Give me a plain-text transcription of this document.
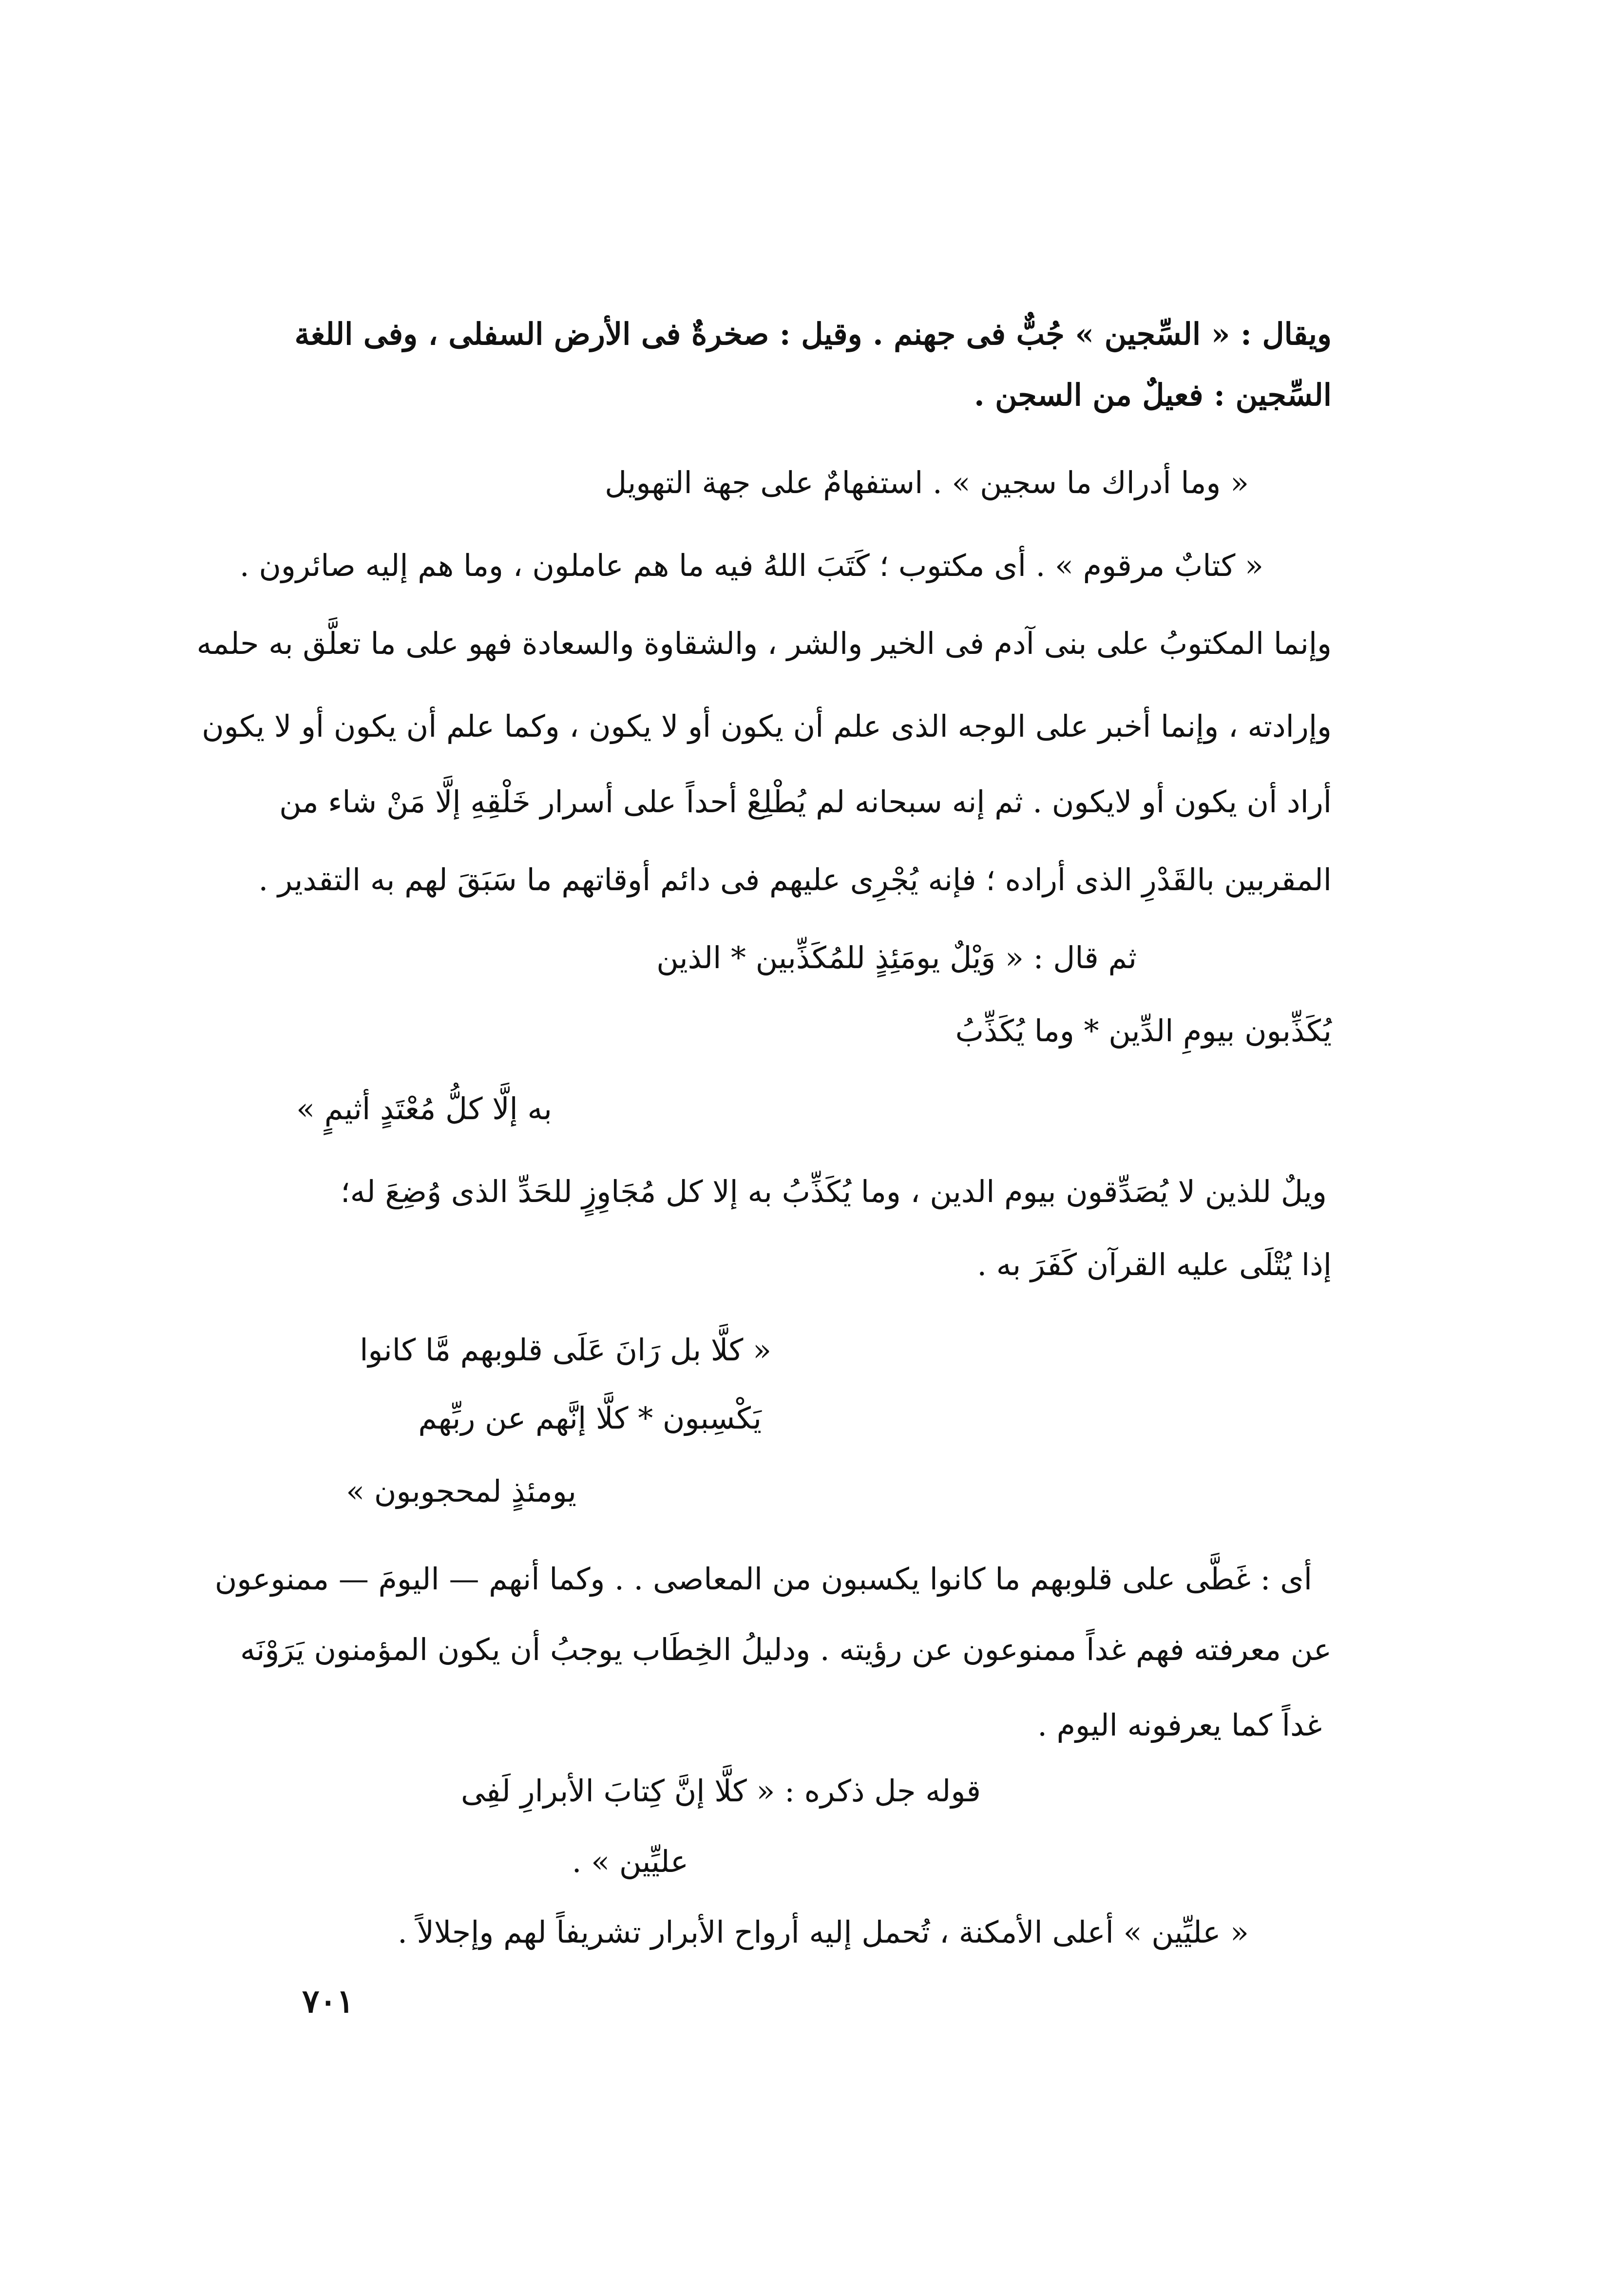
ويقال : « السِّجين » جُبٌّ فى جهنم . وقيل : صخرةٌ فى الأرض السفلى ، وفى اللغة
السِّجين : فعيلٌ من السجن .
« وما أدراك ما سجين » . استفهامٌ على جهة التهويل
« كتابٌ مرقوم » . أى مكتوب ؛ كَتَبَ اللهُ فيه ما هم عاملون ، وما هم إليه صائرون .
وإنما المكتوبُ على بنى آدم فى الخير والشر ، والشقاوة والسعادة فهو على ما تعلَّق به حلمه
وإرادته ، وإنما أخبر على الوجه الذى علم أن يكون أو لا يكون ، وكما علم أن يكون أو لا يكون
أراد أن يكون أو لايكون . ثم إنه سبحانه لم يُطْلِعْ أحداً على أسرار خَلْقِهِ إلَّا مَنْ شاء من
المقربين بالقَدْرِ الذى أراده ؛ فإنه يُجْرِى عليهم فى دائم أوقاتهم ما سَبَقَ لهم به التقدير .
ثم قال : « وَيْلٌ يومَئِذٍ للمُكَذِّبين * الذين
يُكَذِّبون بيومِ الدِّين * وما يُكَذِّبُ
به إلَّا كلُّ مُعْتَدٍ أثيمٍ »
ويلٌ للذين لا يُصَدِّقون بيوم الدين ، وما يُكَذِّبُ به إلا كل مُجَاوِزٍ للحَدِّ الذى وُضِعَ له؛
إذا يُتْلَى عليه القرآن كَفَرَ به .
« كلَّا بل رَانَ عَلَى قلوبهم مَّا كانوا
يَكْسِبون * كلَّا إنَّهم عن ربِّهم
يومئذٍ لمحجوبون »
أى : غَطَّى على قلوبهم ما كانوا يكسبون من المعاصى . . وكما أنهم — اليومَ — ممنوعون
عن معرفته فهم غداً ممنوعون عن رؤيته . ودليلُ الخِطَاب يوجبُ أن يكون المؤمنون يَرَوْنَه
غداً كما يعرفونه اليوم .
قوله جل ذكره : « كلَّا إنَّ كِتابَ الأبرارِ لَفِى
عليِّين » .
« عليِّين » أعلى الأمكنة ، تُحمل إليه أرواح الأبرار تشريفاً لهم وإجلالاً .
٧٠١
